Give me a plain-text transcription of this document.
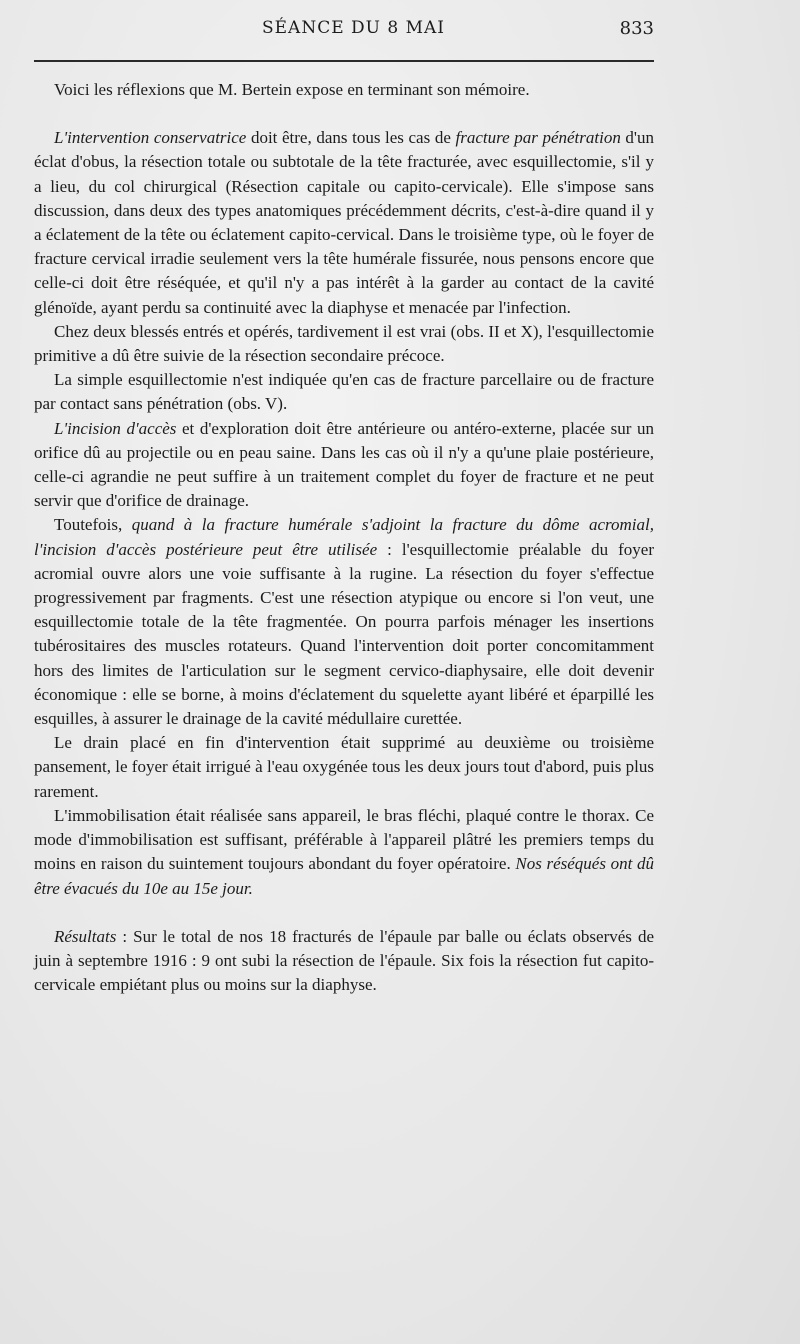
SÉANCE DU 8 MAI	833

Voici les réflexions que M. Bertein expose en terminant son mémoire.

L'intervention conservatrice doit être, dans tous les cas de fracture par pénétration d'un éclat d'obus, la résection totale ou subtotale de la tête fracturée, avec esquillectomie, s'il y a lieu, du col chirurgical (Résection capitale ou capito-cervicale). Elle s'impose sans discussion, dans deux des types anatomiques précédemment décrits, c'est-à-dire quand il y a éclatement de la tête ou éclatement capito-cervical. Dans le troisième type, où le foyer de fracture cervical irradie seulement vers la tête humérale fissurée, nous pensons encore que celle-ci doit être réséquée, et qu'il n'y a pas intérêt à la garder au contact de la cavité glénoïde, ayant perdu sa continuité avec la diaphyse et menacée par l'infection.

Chez deux blessés entrés et opérés, tardivement il est vrai (obs. II et X), l'esquillectomie primitive a dû être suivie de la résection secondaire précoce.

La simple esquillectomie n'est indiquée qu'en cas de fracture parcellaire ou de fracture par contact sans pénétration (obs. V).

L'incision d'accès et d'exploration doit être antérieure ou antéro-externe, placée sur un orifice dû au projectile ou en peau saine. Dans les cas où il n'y a qu'une plaie postérieure, celle-ci agrandie ne peut suffire à un traitement complet du foyer de fracture et ne peut servir que d'orifice de drainage.

Toutefois, quand à la fracture humérale s'adjoint la fracture du dôme acromial, l'incision d'accès postérieure peut être utilisée : l'esquillectomie préalable du foyer acromial ouvre alors une voie suffisante à la rugine. La résection du foyer s'effectue progressivement par fragments. C'est une résection atypique ou encore si l'on veut, une esquillectomie totale de la tête fragmentée. On pourra parfois ménager les insertions tubérositaires des muscles rotateurs. Quand l'intervention doit porter concomitamment hors des limites de l'articulation sur le segment cervico-diaphysaire, elle doit devenir économique : elle se borne, à moins d'éclatement du squelette ayant libéré et éparpillé les esquilles, à assurer le drainage de la cavité médullaire curettée.

Le drain placé en fin d'intervention était supprimé au deuxième ou troisième pansement, le foyer était irrigué à l'eau oxygénée tous les deux jours tout d'abord, puis plus rarement.

L'immobilisation était réalisée sans appareil, le bras fléchi, plaqué contre le thorax. Ce mode d'immobilisation est suffisant, préférable à l'appareil plâtré les premiers temps du moins en raison du suintement toujours abondant du foyer opératoire. Nos réséqués ont dû être évacués du 10e au 15e jour.

Résultats : Sur le total de nos 18 fracturés de l'épaule par balle ou éclats observés de juin à septembre 1916 : 9 ont subi la résection de l'épaule. Six fois la résection fut capito-cervicale empiétant plus ou moins sur la diaphyse.
